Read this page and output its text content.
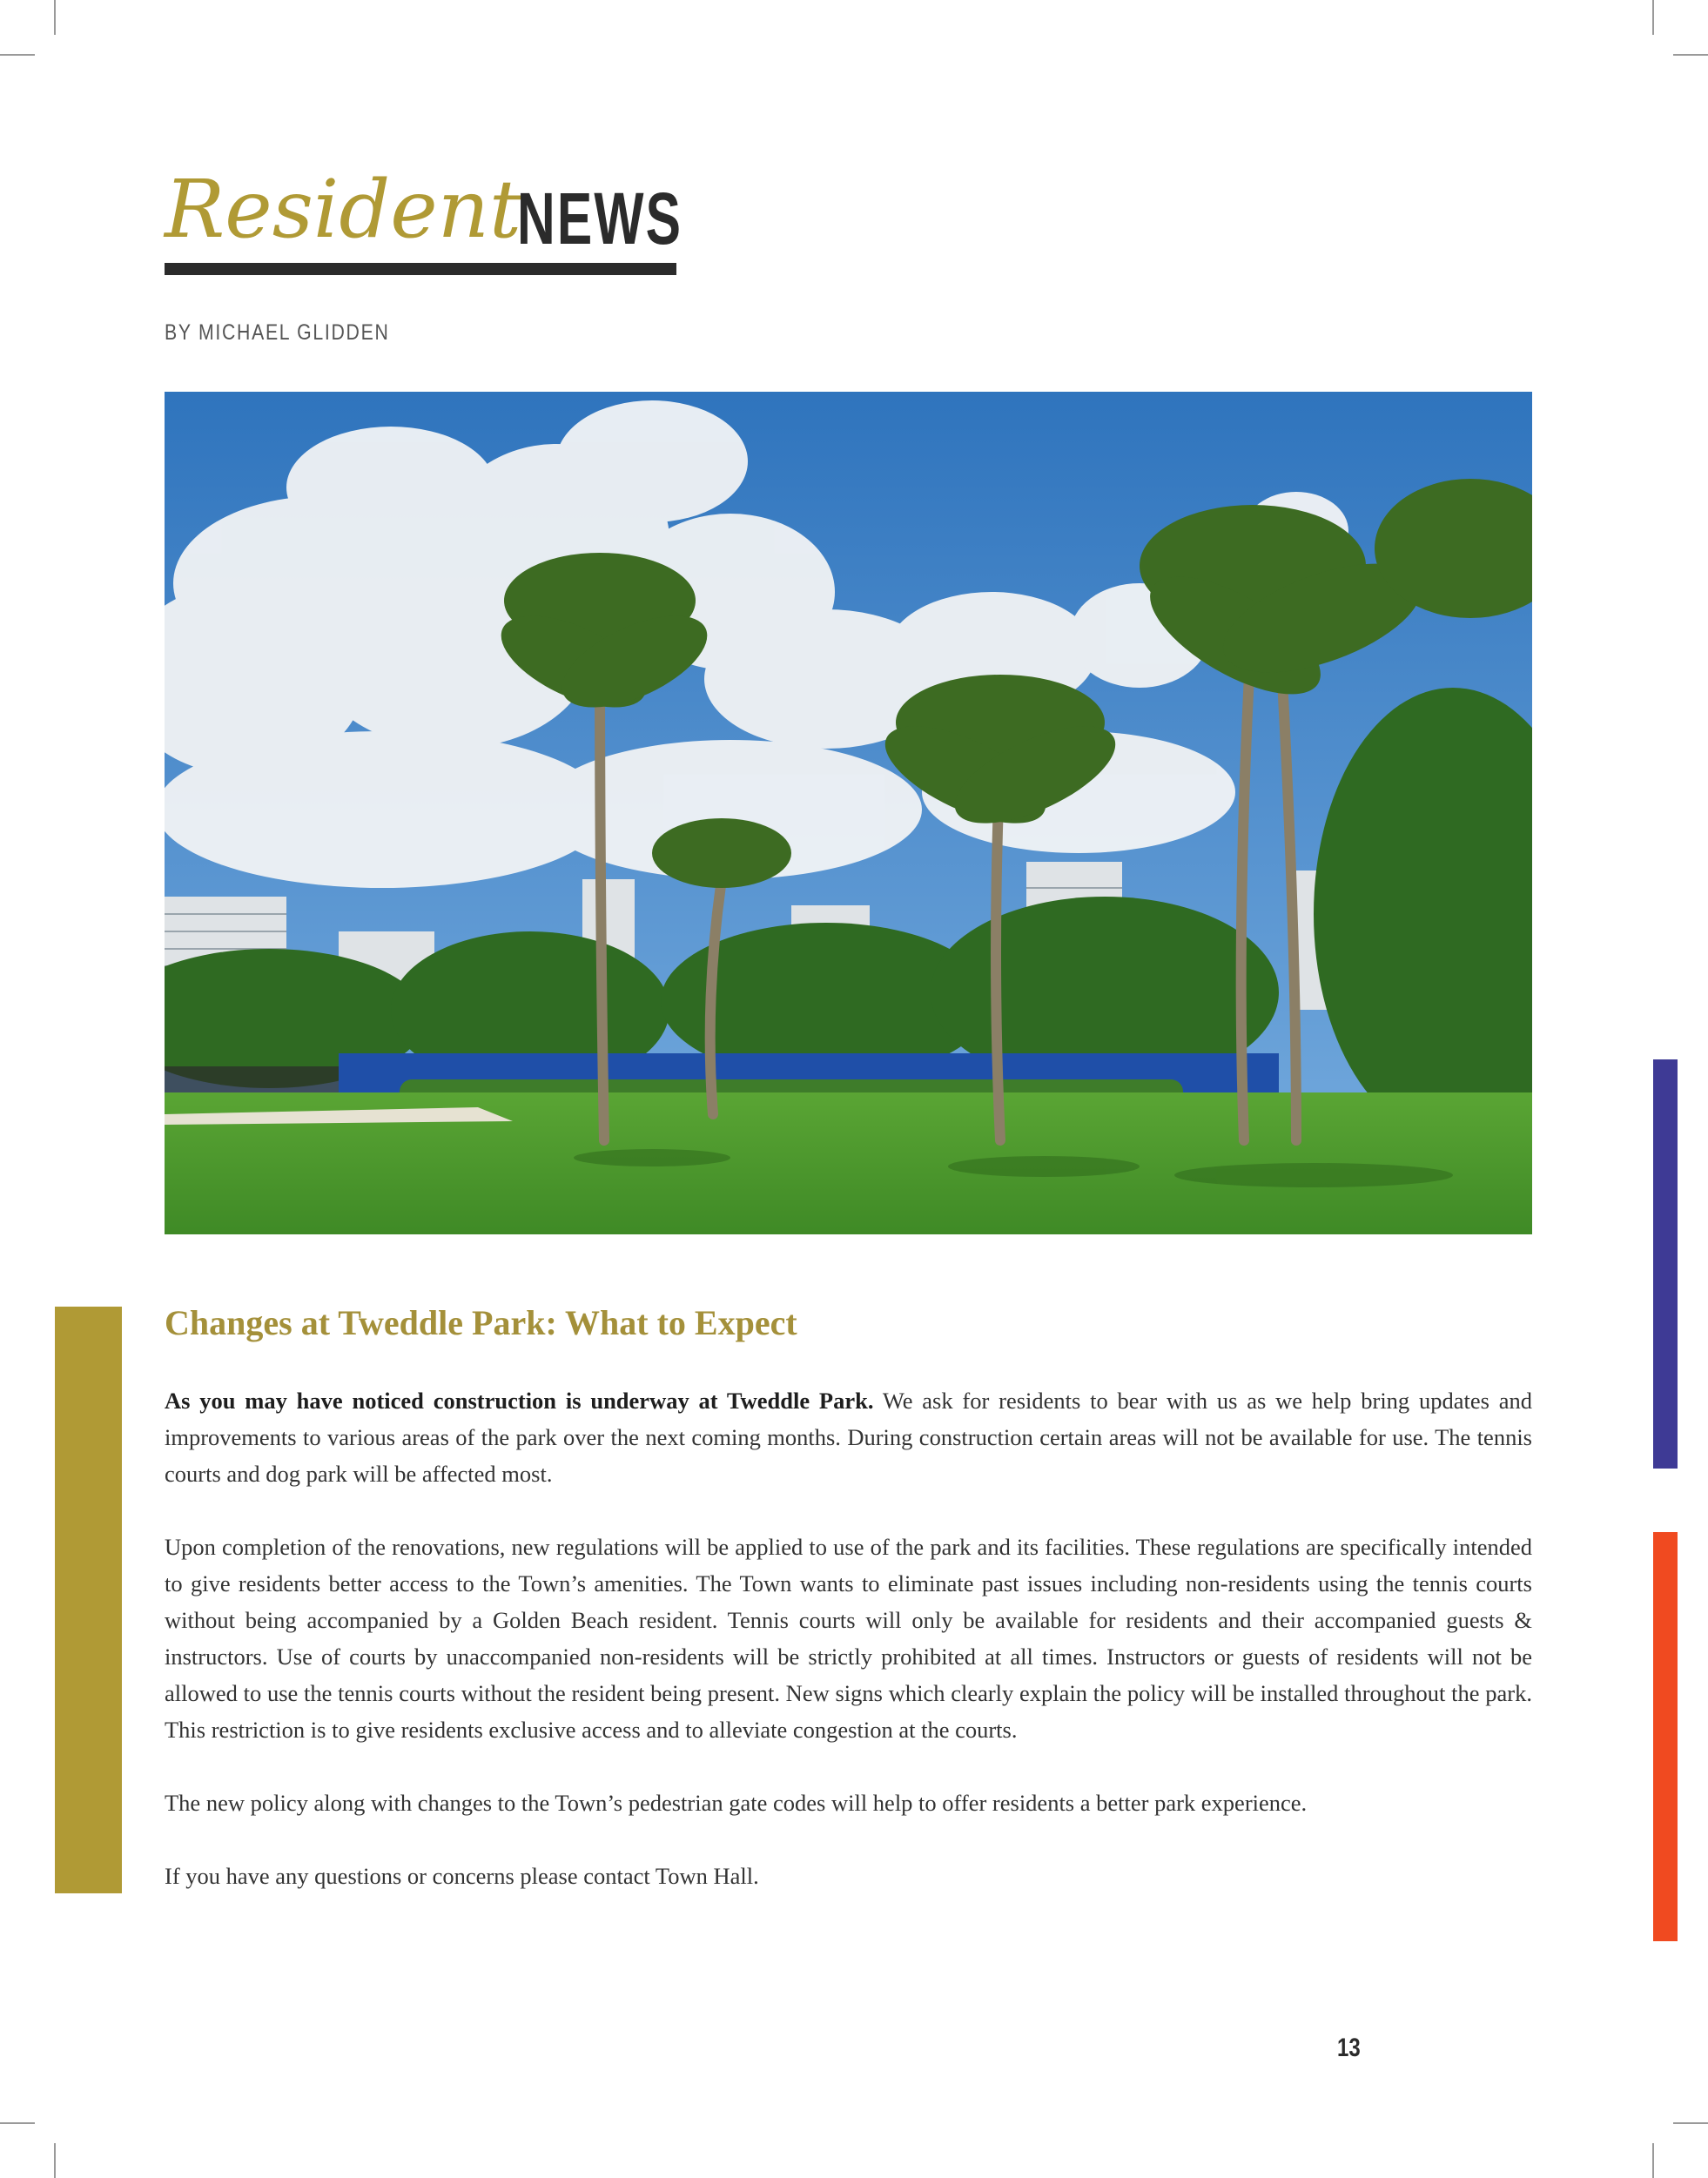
Resident
NEWS
BY MICHAEL GLIDDEN
Changes at Tweddle Park: What to Expect

As you may have noticed construction is underway at Tweddle Park. We ask for residents to bear with us as we help bring updates and improvements to various areas of the park over the next coming months. During construction certain areas will not be available for use. The tennis courts and dog park will be affected most.

Upon completion of the renovations, new regulations will be applied to use of the park and its facilities. These regulations are specifically intended to give residents better access to the Town’s amenities. The Town wants to eliminate past issues including non-residents using the tennis courts without being accompanied by a Golden Beach resident. Tennis courts will only be available for residents and their accompanied guests & instructors. Use of courts by unaccompanied non-residents will be strictly prohibited at all times. Instructors or guests of residents will not be allowed to use the tennis courts without the resident being present. New signs which clearly explain the policy will be installed throughout the park. This restriction is to give residents exclusive access and to alleviate congestion at the courts.

The new policy along with changes to the Town’s pedestrian gate codes will help to offer residents a better park experience.

If you have any questions or concerns please contact Town Hall.

13
